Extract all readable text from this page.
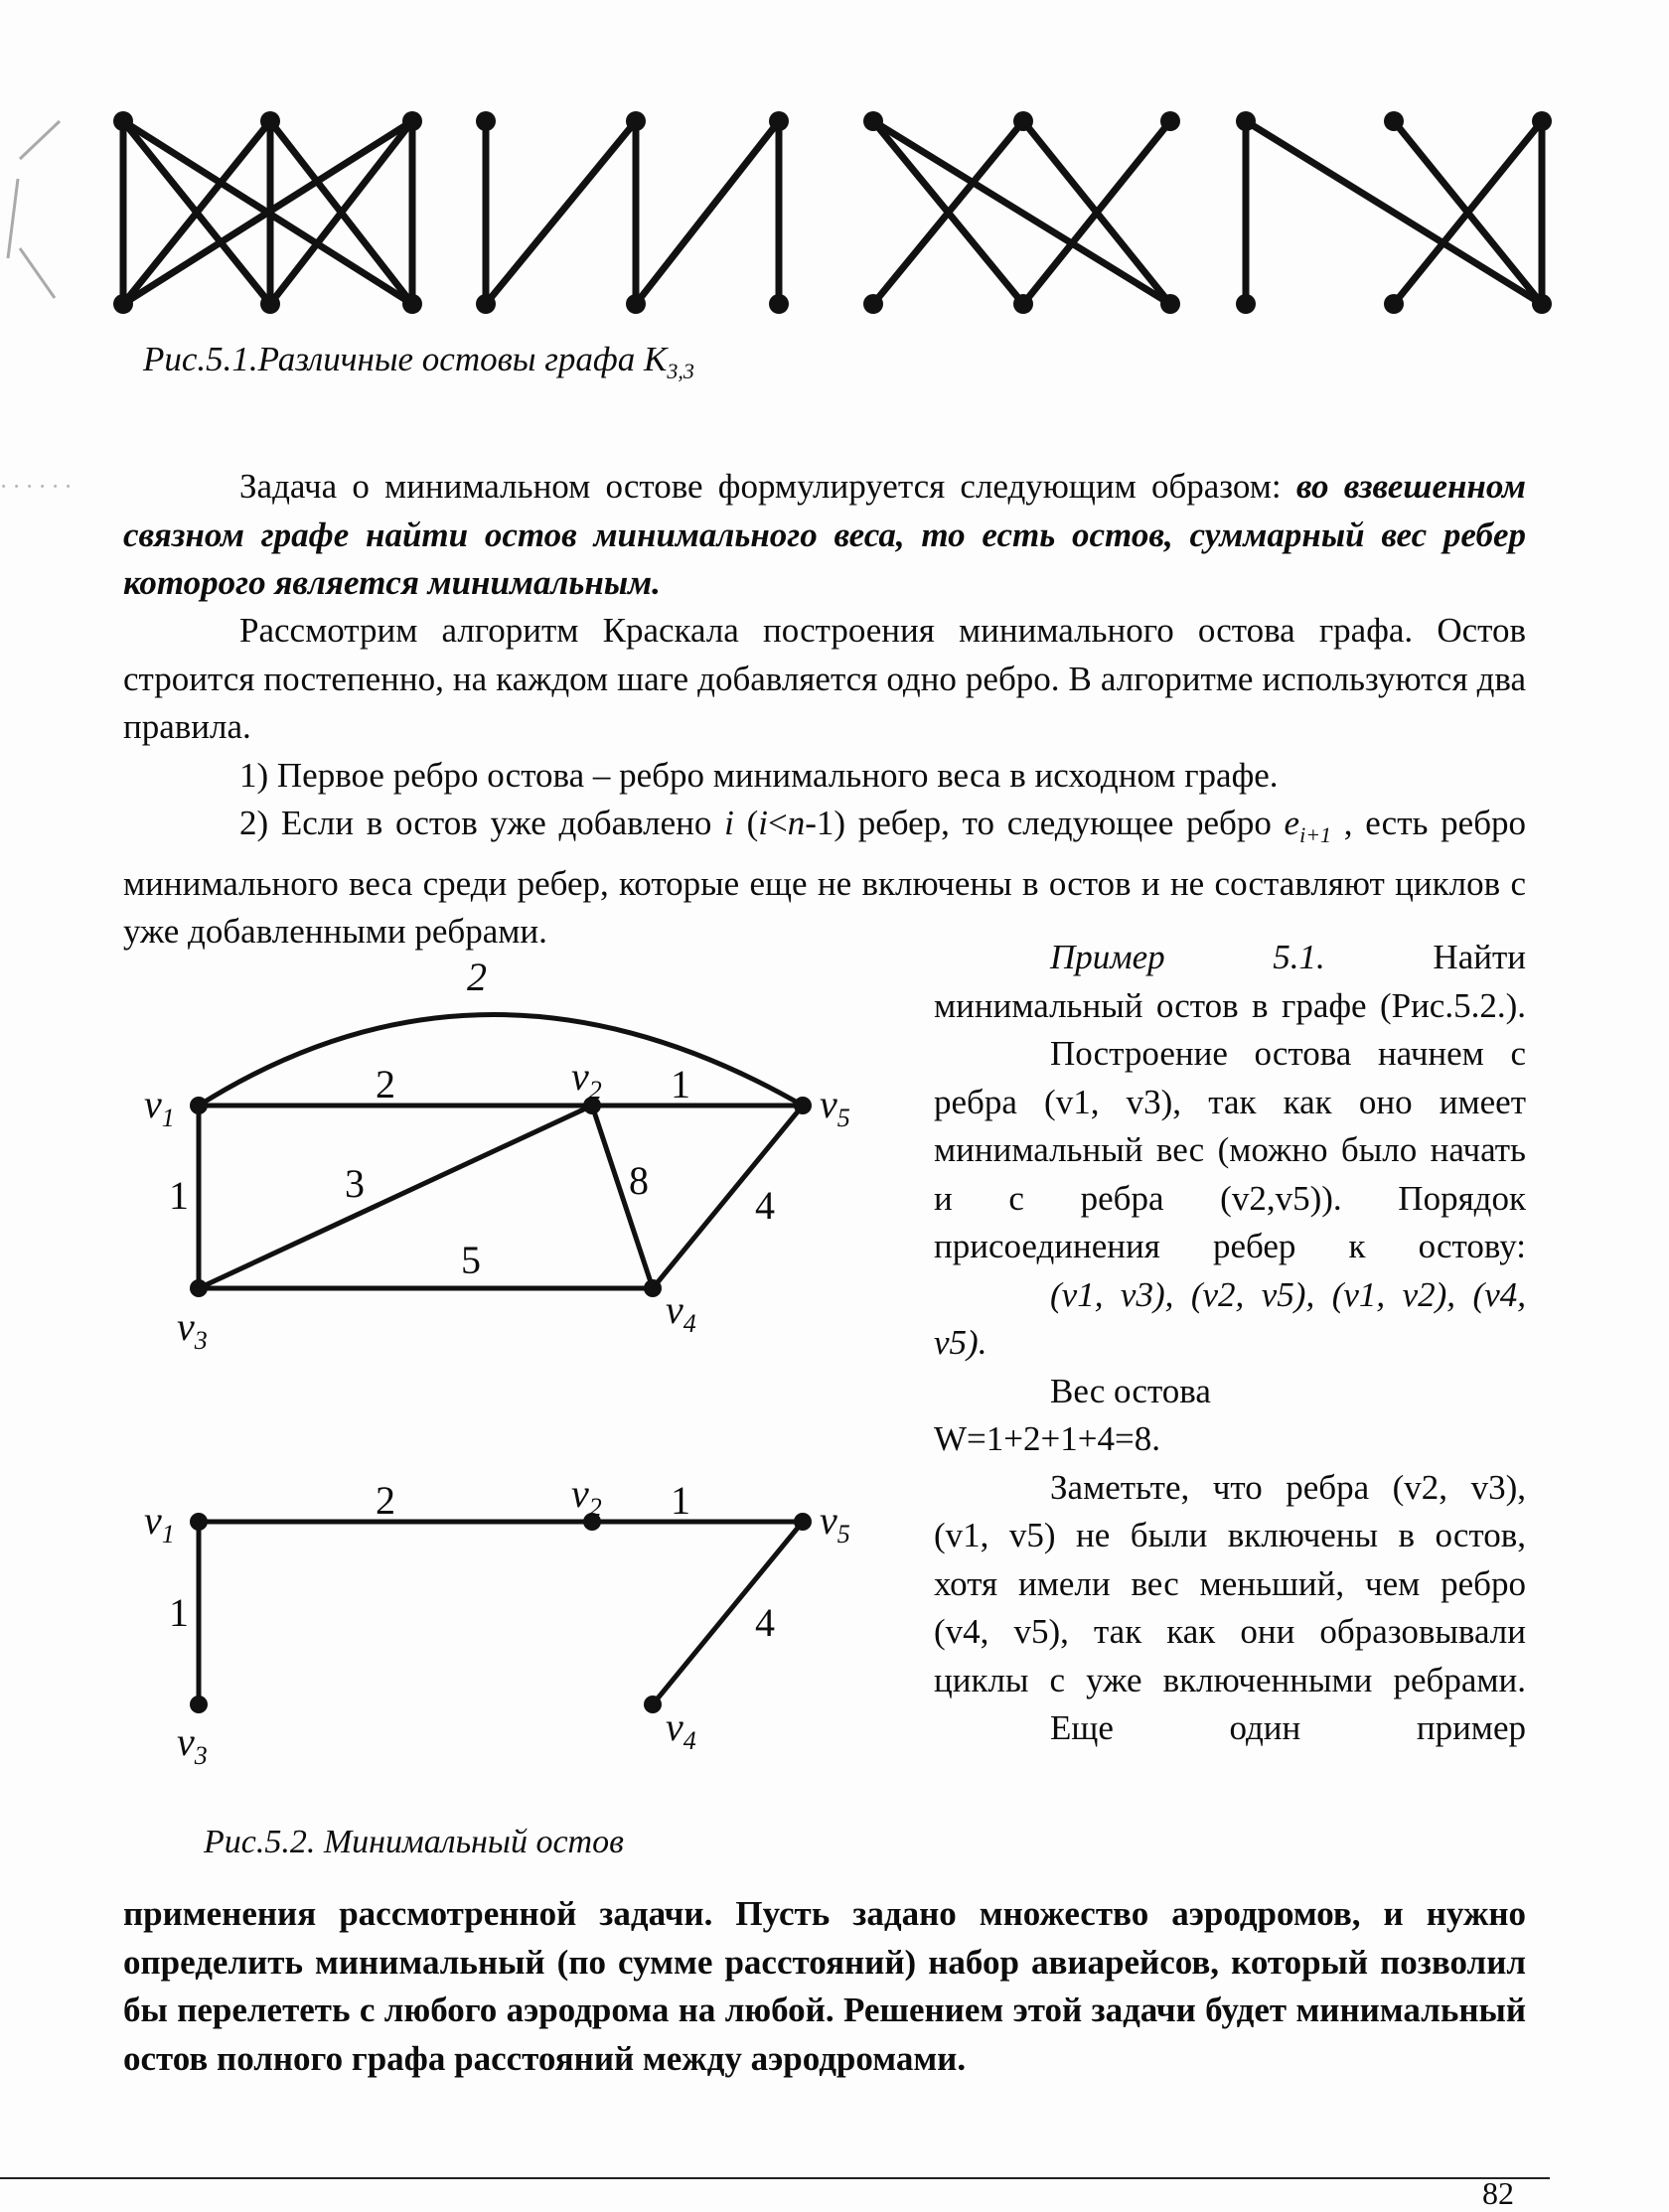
Рис.5.1.Различные остовы графа $K_{3,3}$
· · · · · ·	Задача о минимальном остове формулируется следующим образом: во взвешенном связном графе найти остов минимального веса, то есть остов, суммарный вес ребер которого является минимальным.

Рассмотрим алгоритм Краскала построения минимального остова графа. Остов строится постепенно, на каждом шаге добавляется одно ребро. В алгоритме используются два правила.

1) Первое ребро остова – ребро минимального веса в исходном графе.

2) Если в остов уже добавлено i (i<n-1) ребер, то следующее ребро $e_{i+1}$ , есть ребро минимального веса среди ребер, которые еще не включены в остов и не составляют циклов с уже добавленными ребрами.

2
2	1
1	3	8
4
5
$v_1$
$v_2$	$v_5$
$v_3$
$v_4$
2	1
1	4
$v_1$
$v_2$	$v_5$
$v_3$
$v_4$
Рис.5.2. Минимальный остов

Пример 5.1.	Найти минимальный остов в графе (Рис.5.2.).

Построение остова начнем с ребра (v1, v3), так как оно имеет минимальный вес (можно было начать и с ребра (v2,v5)). Порядок присоединения ребер к остову:

(v1, v3), (v2, v5), (v1, v2), (v4, v5).

Вес остова

W=1+2+1+4=8.

Заметьте, что ребра (v2, v3), (v1, v5) не были включены в остов, хотя имели вес меньший, чем ребро (v4, v5), так как они образовывали циклы с уже включенными ребрами.

Еще один пример

применения рассмотренной задачи. Пусть задано множество аэродромов, и нужно определить минимальный (по сумме расстояний) набор авиарейсов, который позволил бы перелететь с любого аэродрома на любой. Решением этой задачи будет минимальный остов полного графа расстояний между аэродромами.

82
